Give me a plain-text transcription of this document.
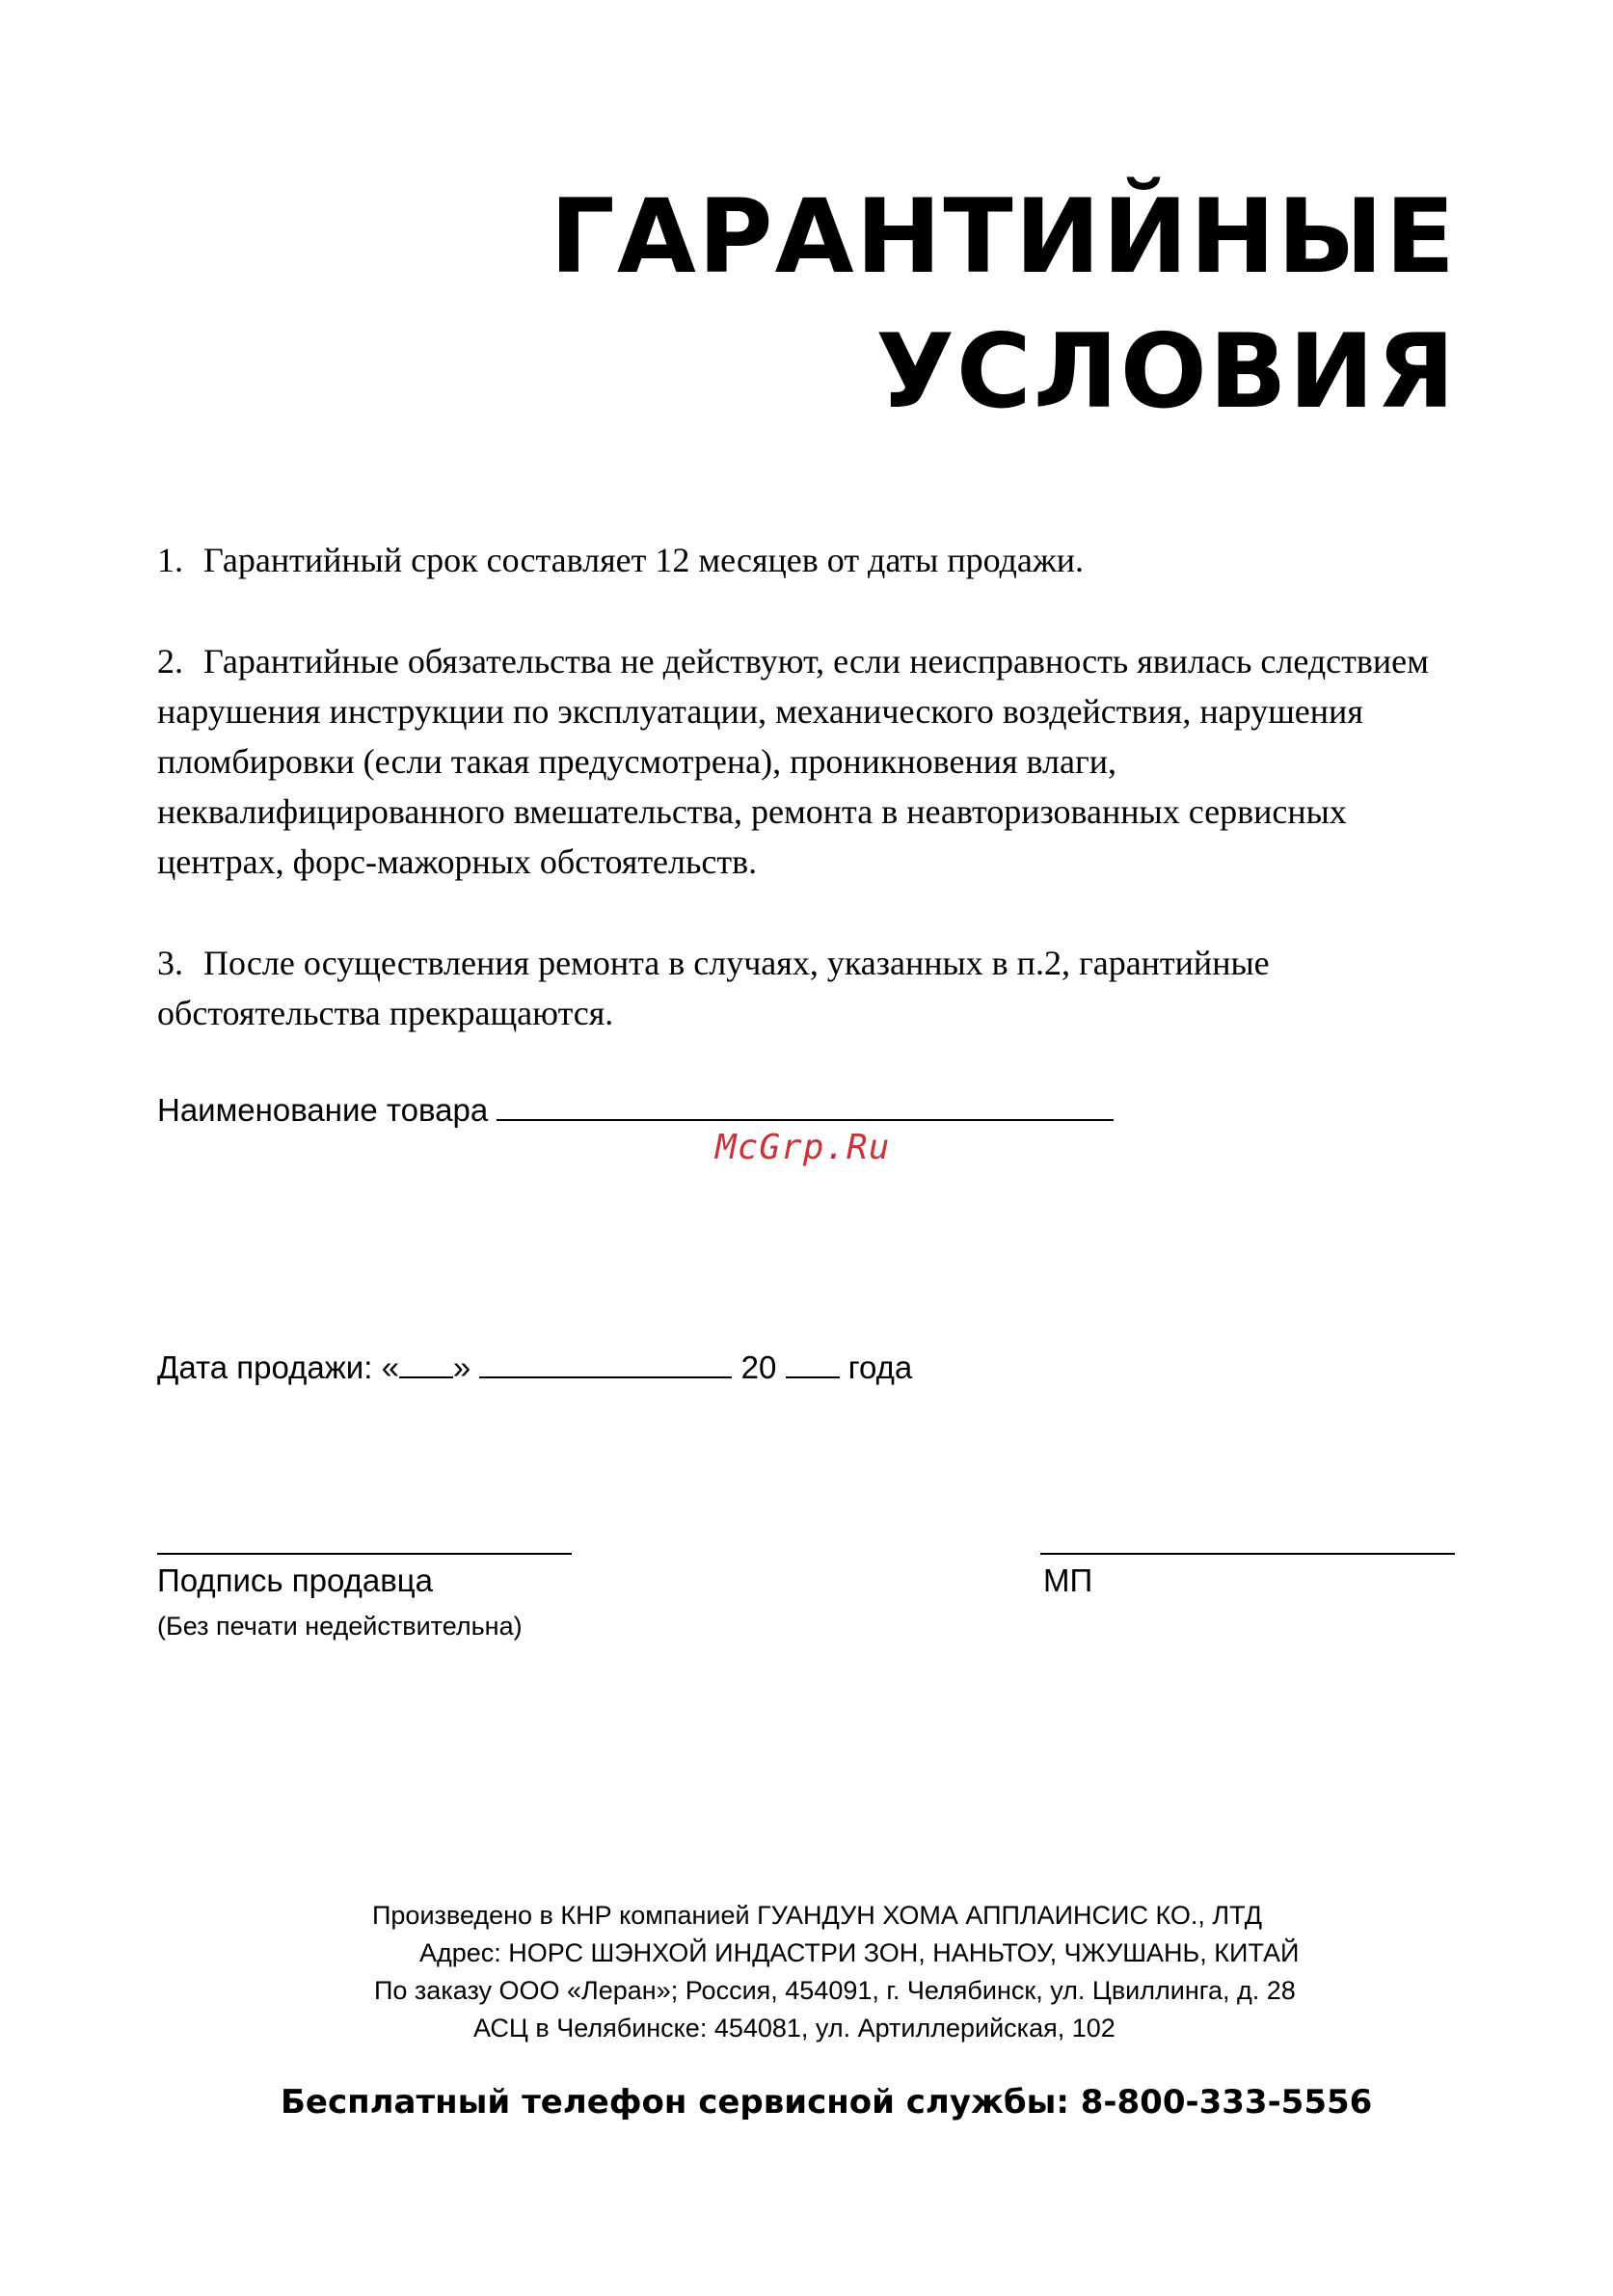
ГАРАНТИЙНЫЕ
УСЛОВИЯ

1. Гарантийный срок составляет 12 месяцев от даты продажи.

2. Гарантийные обязательства не действуют, если неисправность явилась следствием нарушения инструкции по эксплуатации, механического воздействия, нарушения пломбировки (если такая предусмотрена), проникновения влаги, неквалифицированного вмешательства, ремонта в неавторизованных сервисных центрах, форс-мажорных обстоятельств.

3. После осуществления ремонта в случаях, указанных в п.2, гарантийные обстоятельства прекращаются.

Наименование товара
McGrp.Ru
Дата продажи: « »	20 года
Подпись продавца
(Без печати недействительна)
МП
Произведено в КНР компанией ГУАНДУН ХОМА АППЛАИНСИС КО., ЛТД
Адрес: НОРС ШЭНХОЙ ИНДАСТРИ ЗОН, НАНЬТОУ, ЧЖУШАНЬ, КИТАЙ
По заказу ООО «Леран»; Россия, 454091, г. Челябинск, ул. Цвиллинга, д. 28
АСЦ в Челябинске: 454081, ул. Артиллерийская, 102
Бесплатный телефон сервисной службы: 8-800-333-5556
